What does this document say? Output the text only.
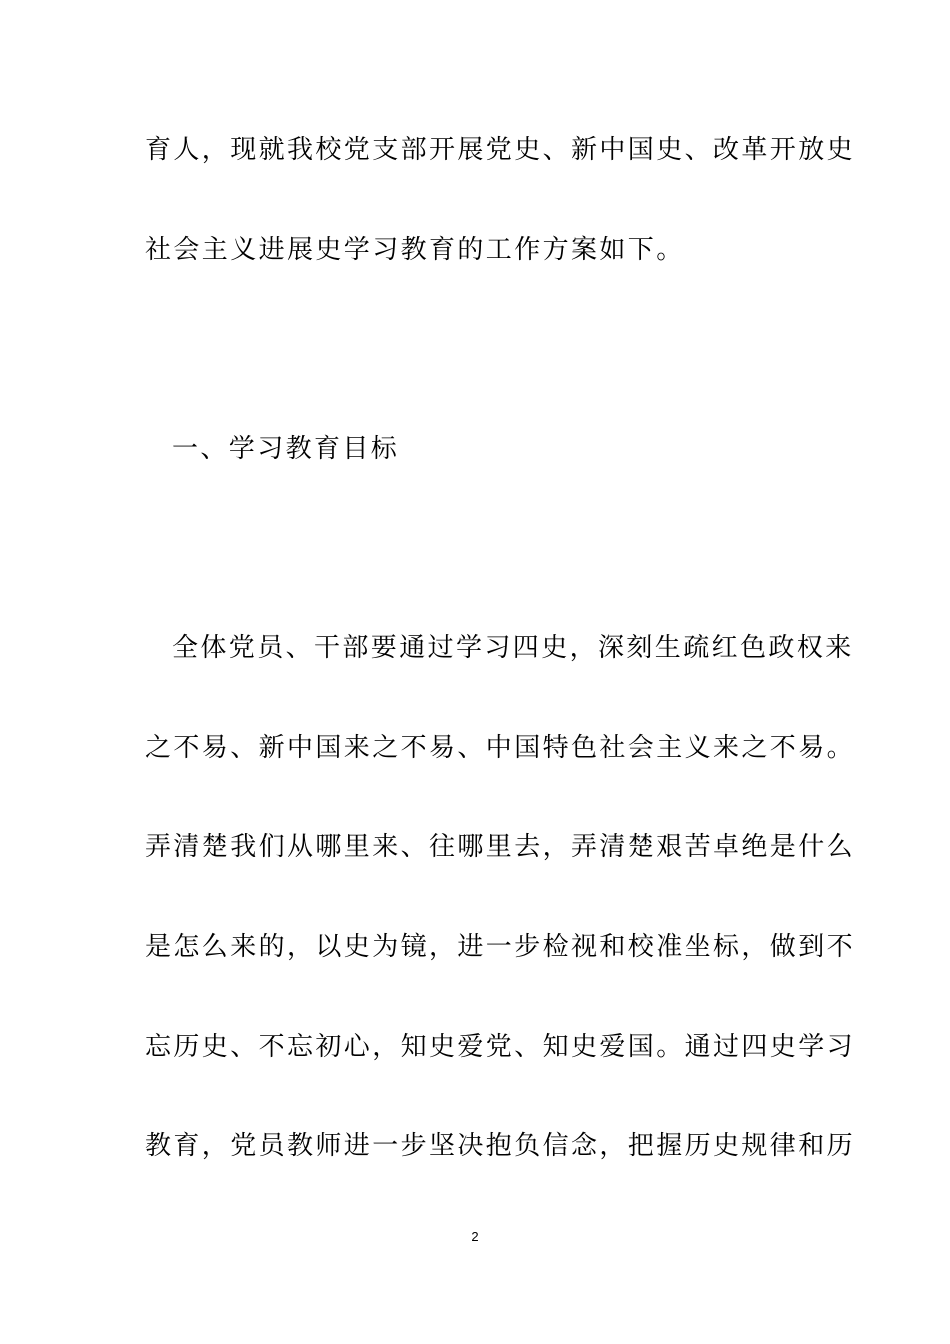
育人，现就我校党支部开展党史、新中国史、改革开放史
社会主义进展史学习教育的工作方案如下。
一、学习教育目标
全体党员、干部要通过学习四史，深刻生疏红色政权来
之不易、新中国来之不易、中国特色社会主义来之不易。
弄清楚我们从哪里来、往哪里去，弄清楚艰苦卓绝是什么
是怎么来的，以史为镜，进一步检视和校准坐标，做到不
忘历史、不忘初心，知史爱党、知史爱国。通过四史学习
教育，党员教师进一步坚决抱负信念，把握历史规律和历
2
